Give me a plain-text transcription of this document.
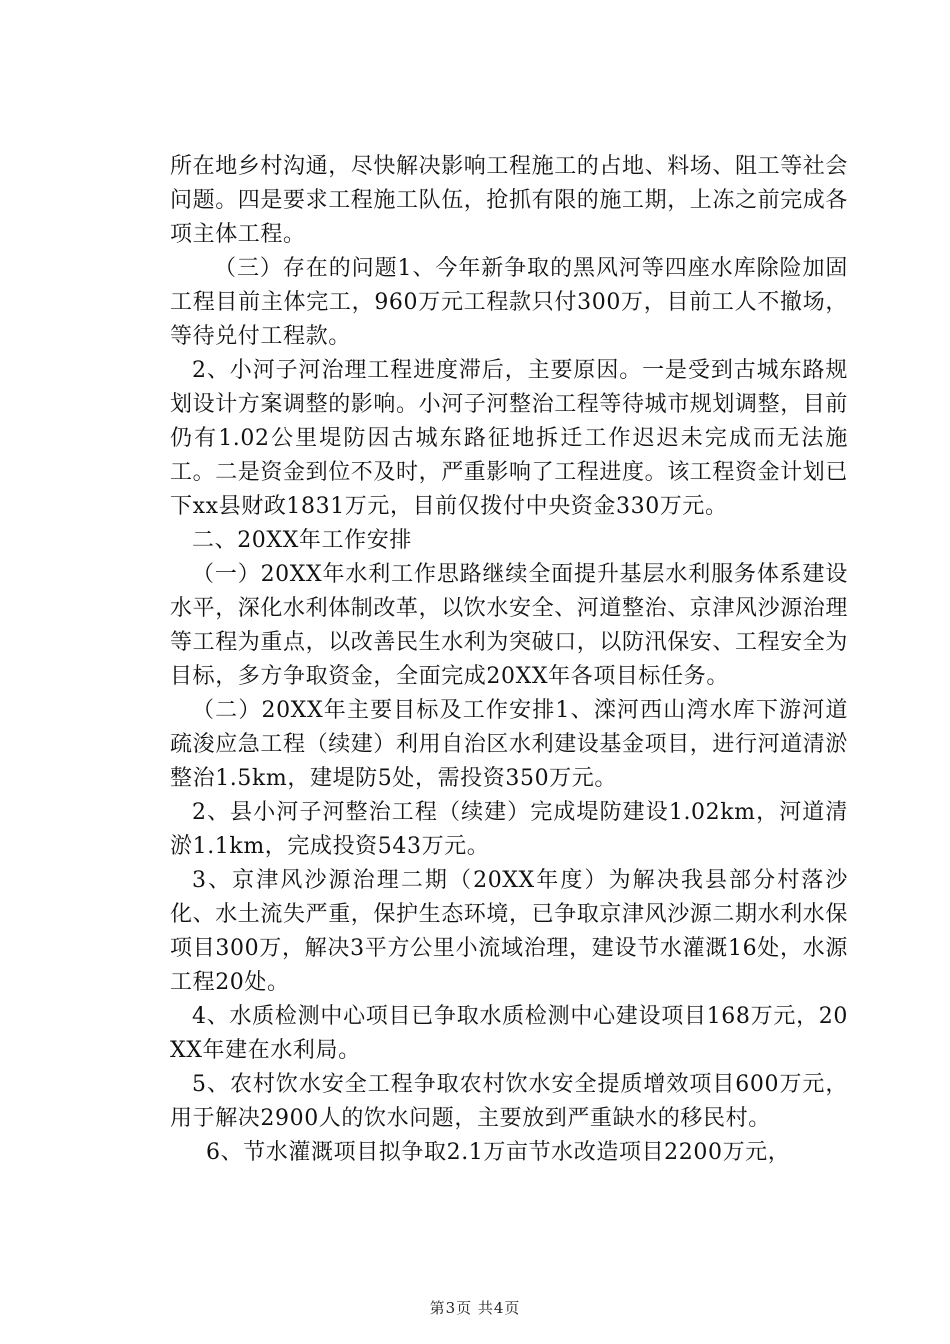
所在地乡村沟通，尽快解决影响工程施工的占地、料场、阻工等社会问题。四是要求工程施工队伍，抢抓有限的施工期，上冻之前完成各项主体工程。

（三）存在的问题1、今年新争取的黑风河等四座水库除险加固工程目前主体完工，960万元工程款只付300万，目前工人不撤场，等待兑付工程款。

2、小河子河治理工程进度滞后，主要原因。一是受到古城东路规划设计方案调整的影响。小河子河整治工程等待城市规划调整，目前仍有1.02公里堤防因古城东路征地拆迁工作迟迟未完成而无法施工。二是资金到位不及时，严重影响了工程进度。该工程资金计划已下xx县财政1831万元，目前仅拨付中央资金330万元。

二、20XX年工作安排

（一）20XX年水利工作思路继续全面提升基层水利服务体系建设水平，深化水利体制改革，以饮水安全、河道整治、京津风沙源治理等工程为重点，以改善民生水利为突破口，以防汛保安、工程安全为目标，多方争取资金，全面完成20XX年各项目标任务。

（二）20XX年主要目标及工作安排1、滦河西山湾水库下游河道疏浚应急工程（续建）利用自治区水利建设基金项目，进行河道清淤整治1.5km，建堤防5处，需投资350万元。

2、县小河子河整治工程（续建）完成堤防建设1.02km，河道清淤1.1km，完成投资543万元。

3、京津风沙源治理二期（20XX年度）为解决我县部分村落沙化、水土流失严重，保护生态环境，已争取京津风沙源二期水利水保项目300万，解决3平方公里小流域治理，建设节水灌溉16处，水源工程20处。

4、水质检测中心项目已争取水质检测中心建设项目168万元，20XX年建在水利局。

5、农村饮水安全工程争取农村饮水安全提质增效项目600万元，用于解决2900人的饮水问题，主要放到严重缺水的移民村。

6、节水灌溉项目拟争取2.1万亩节水改造项目2200万元，

第3页 共4页
